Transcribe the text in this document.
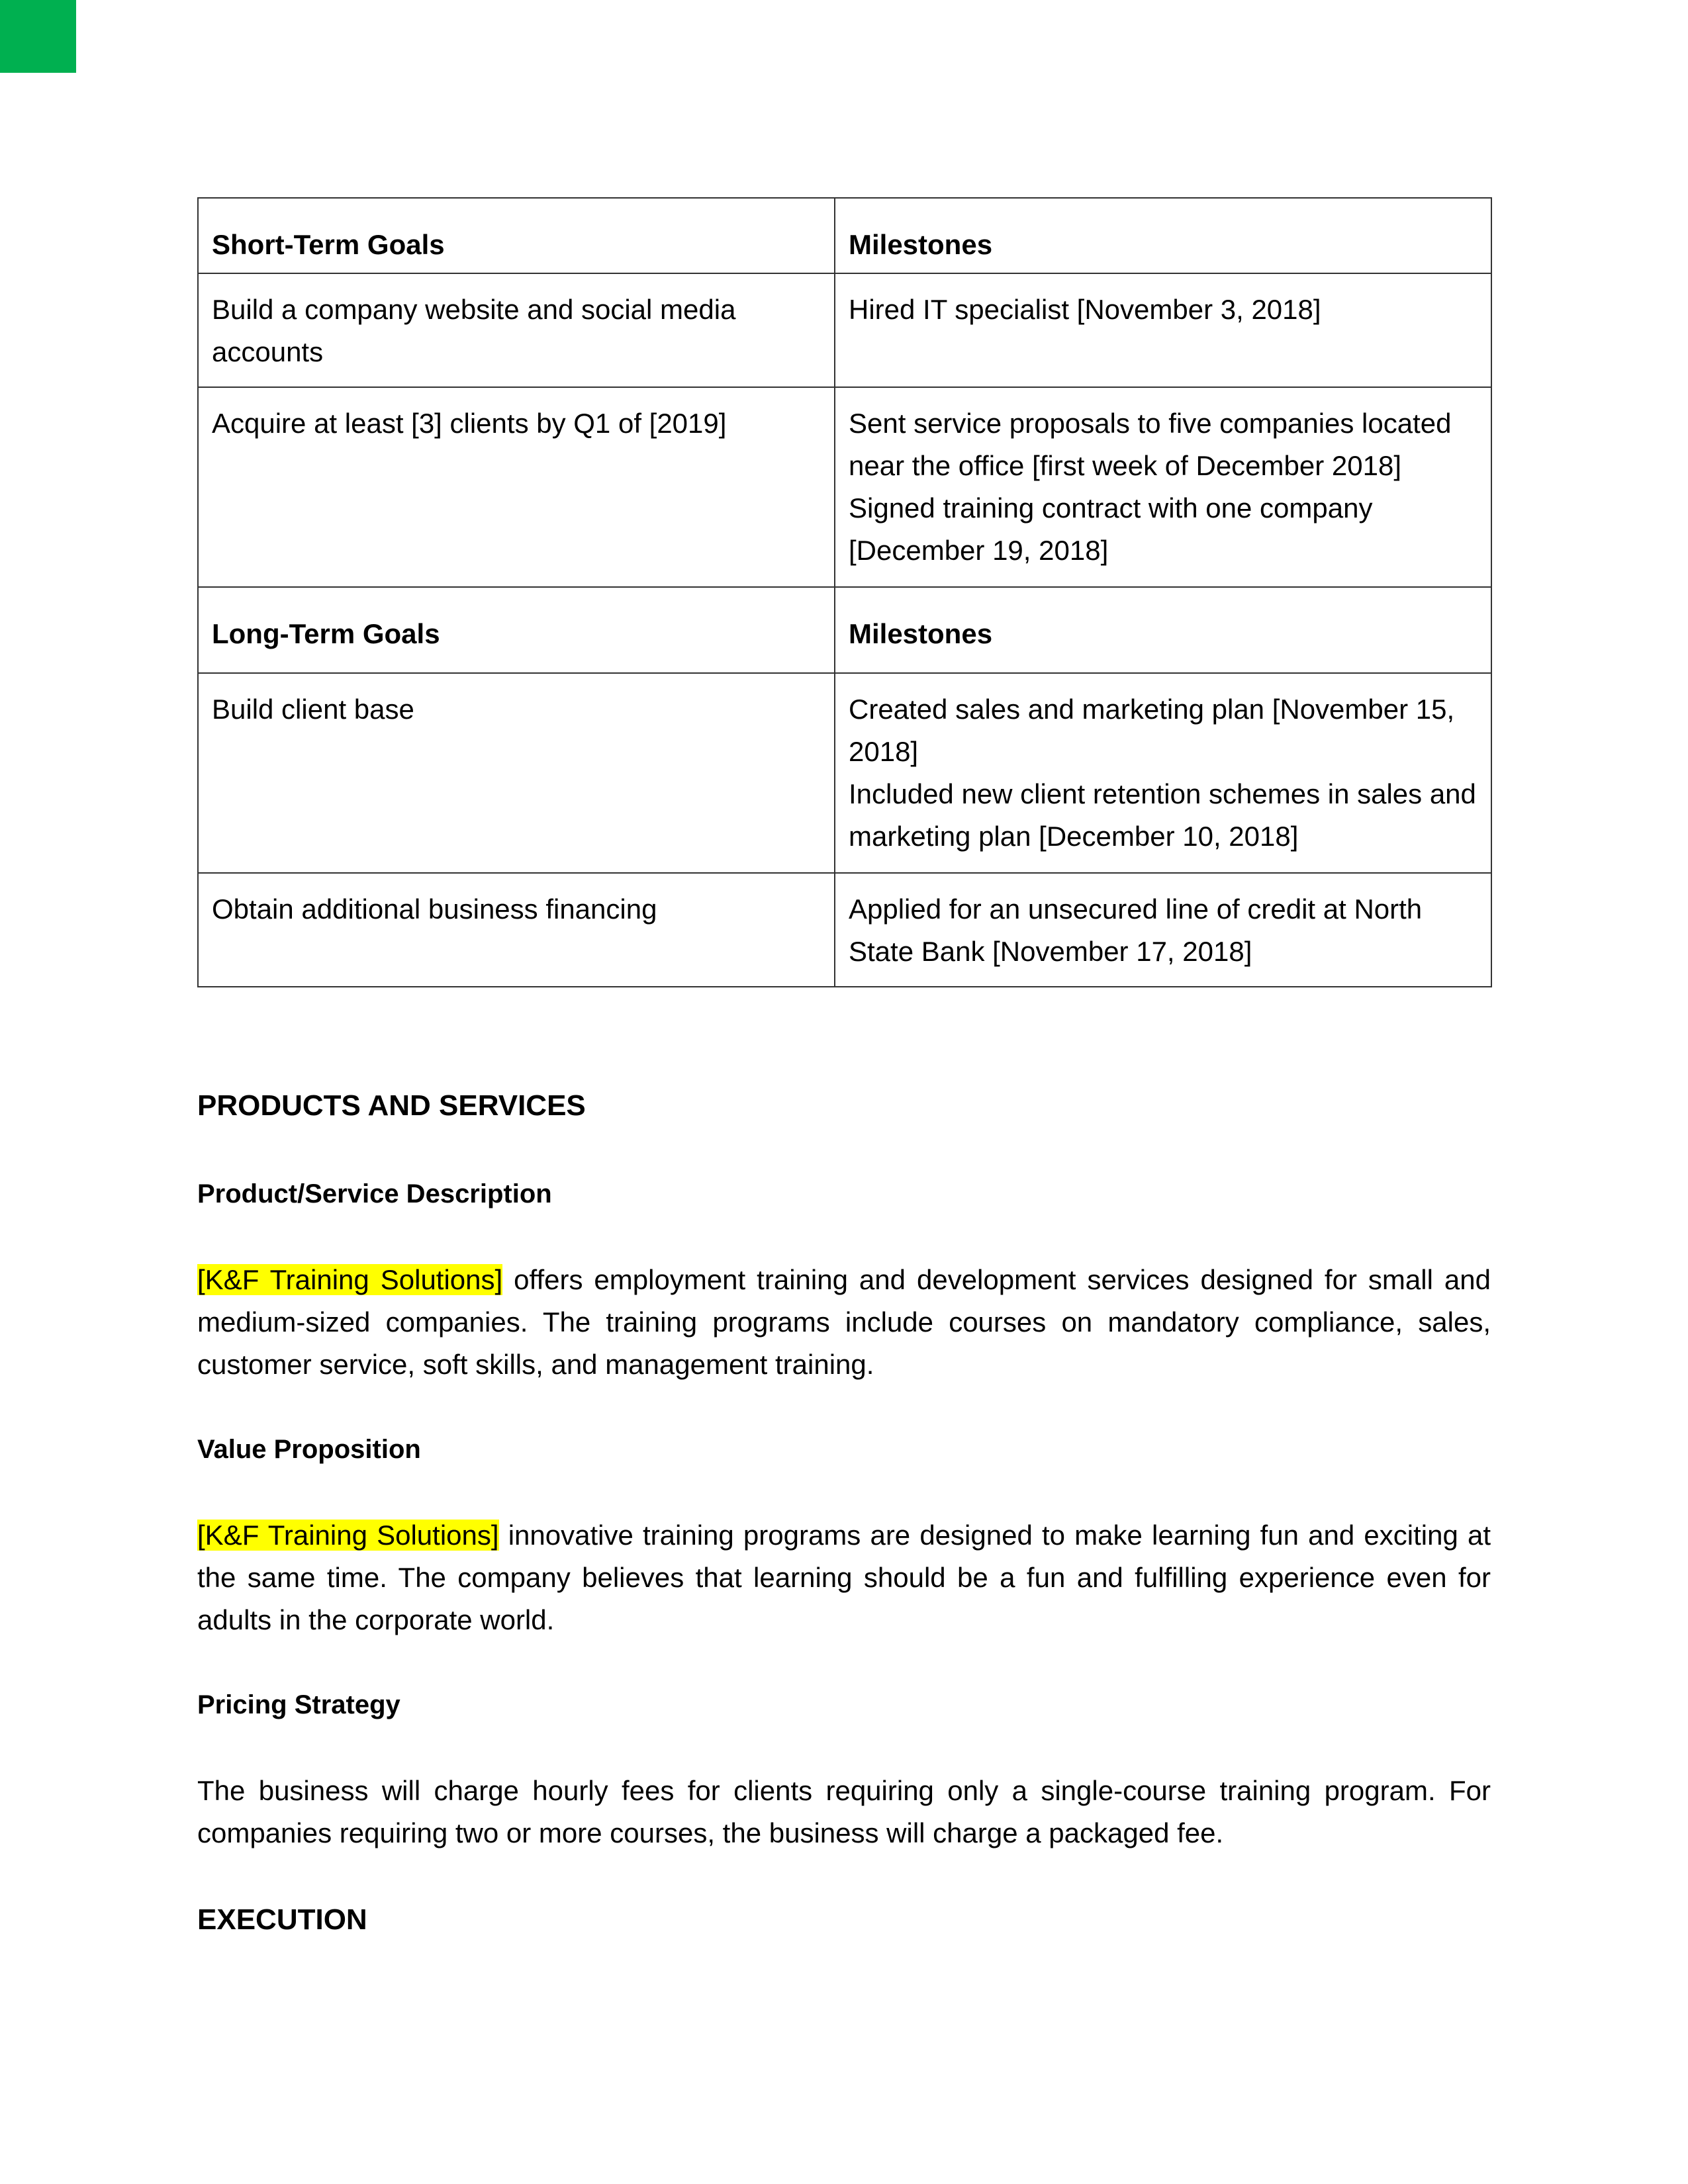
Short-Term Goals	Milestones
Build a company website and social media accounts	Hired IT specialist [November 3, 2018]

Acquire at least [3] clients by Q1 of [2019]	Sent service proposals to five companies located near the office [first week of December 2018]
Signed training contract with one company [December 19, 2018]

Long-Term Goals	Milestones
Build client base	Created sales and marketing plan [November 15, 2018]
Included new client retention schemes in sales and marketing plan [December 10, 2018]

Obtain additional business financing	Applied for an unsecured line of credit at North State Bank [November 17, 2018]
PRODUCTS AND SERVICES
Product/Service Description

[K&F Training Solutions] offers employment training and development services designed for small and medium-sized companies. The training programs include courses on mandatory compliance, sales, customer service, soft skills, and management training.

Value Proposition

[K&F Training Solutions] innovative training programs are designed to make learning fun and exciting at the same time. The company believes that learning should be a fun and fulfilling experience even for adults in the corporate world.

Pricing Strategy

The business will charge hourly fees for clients requiring only a single-course training program. For companies requiring two or more courses, the business will charge a packaged fee.

EXECUTION
